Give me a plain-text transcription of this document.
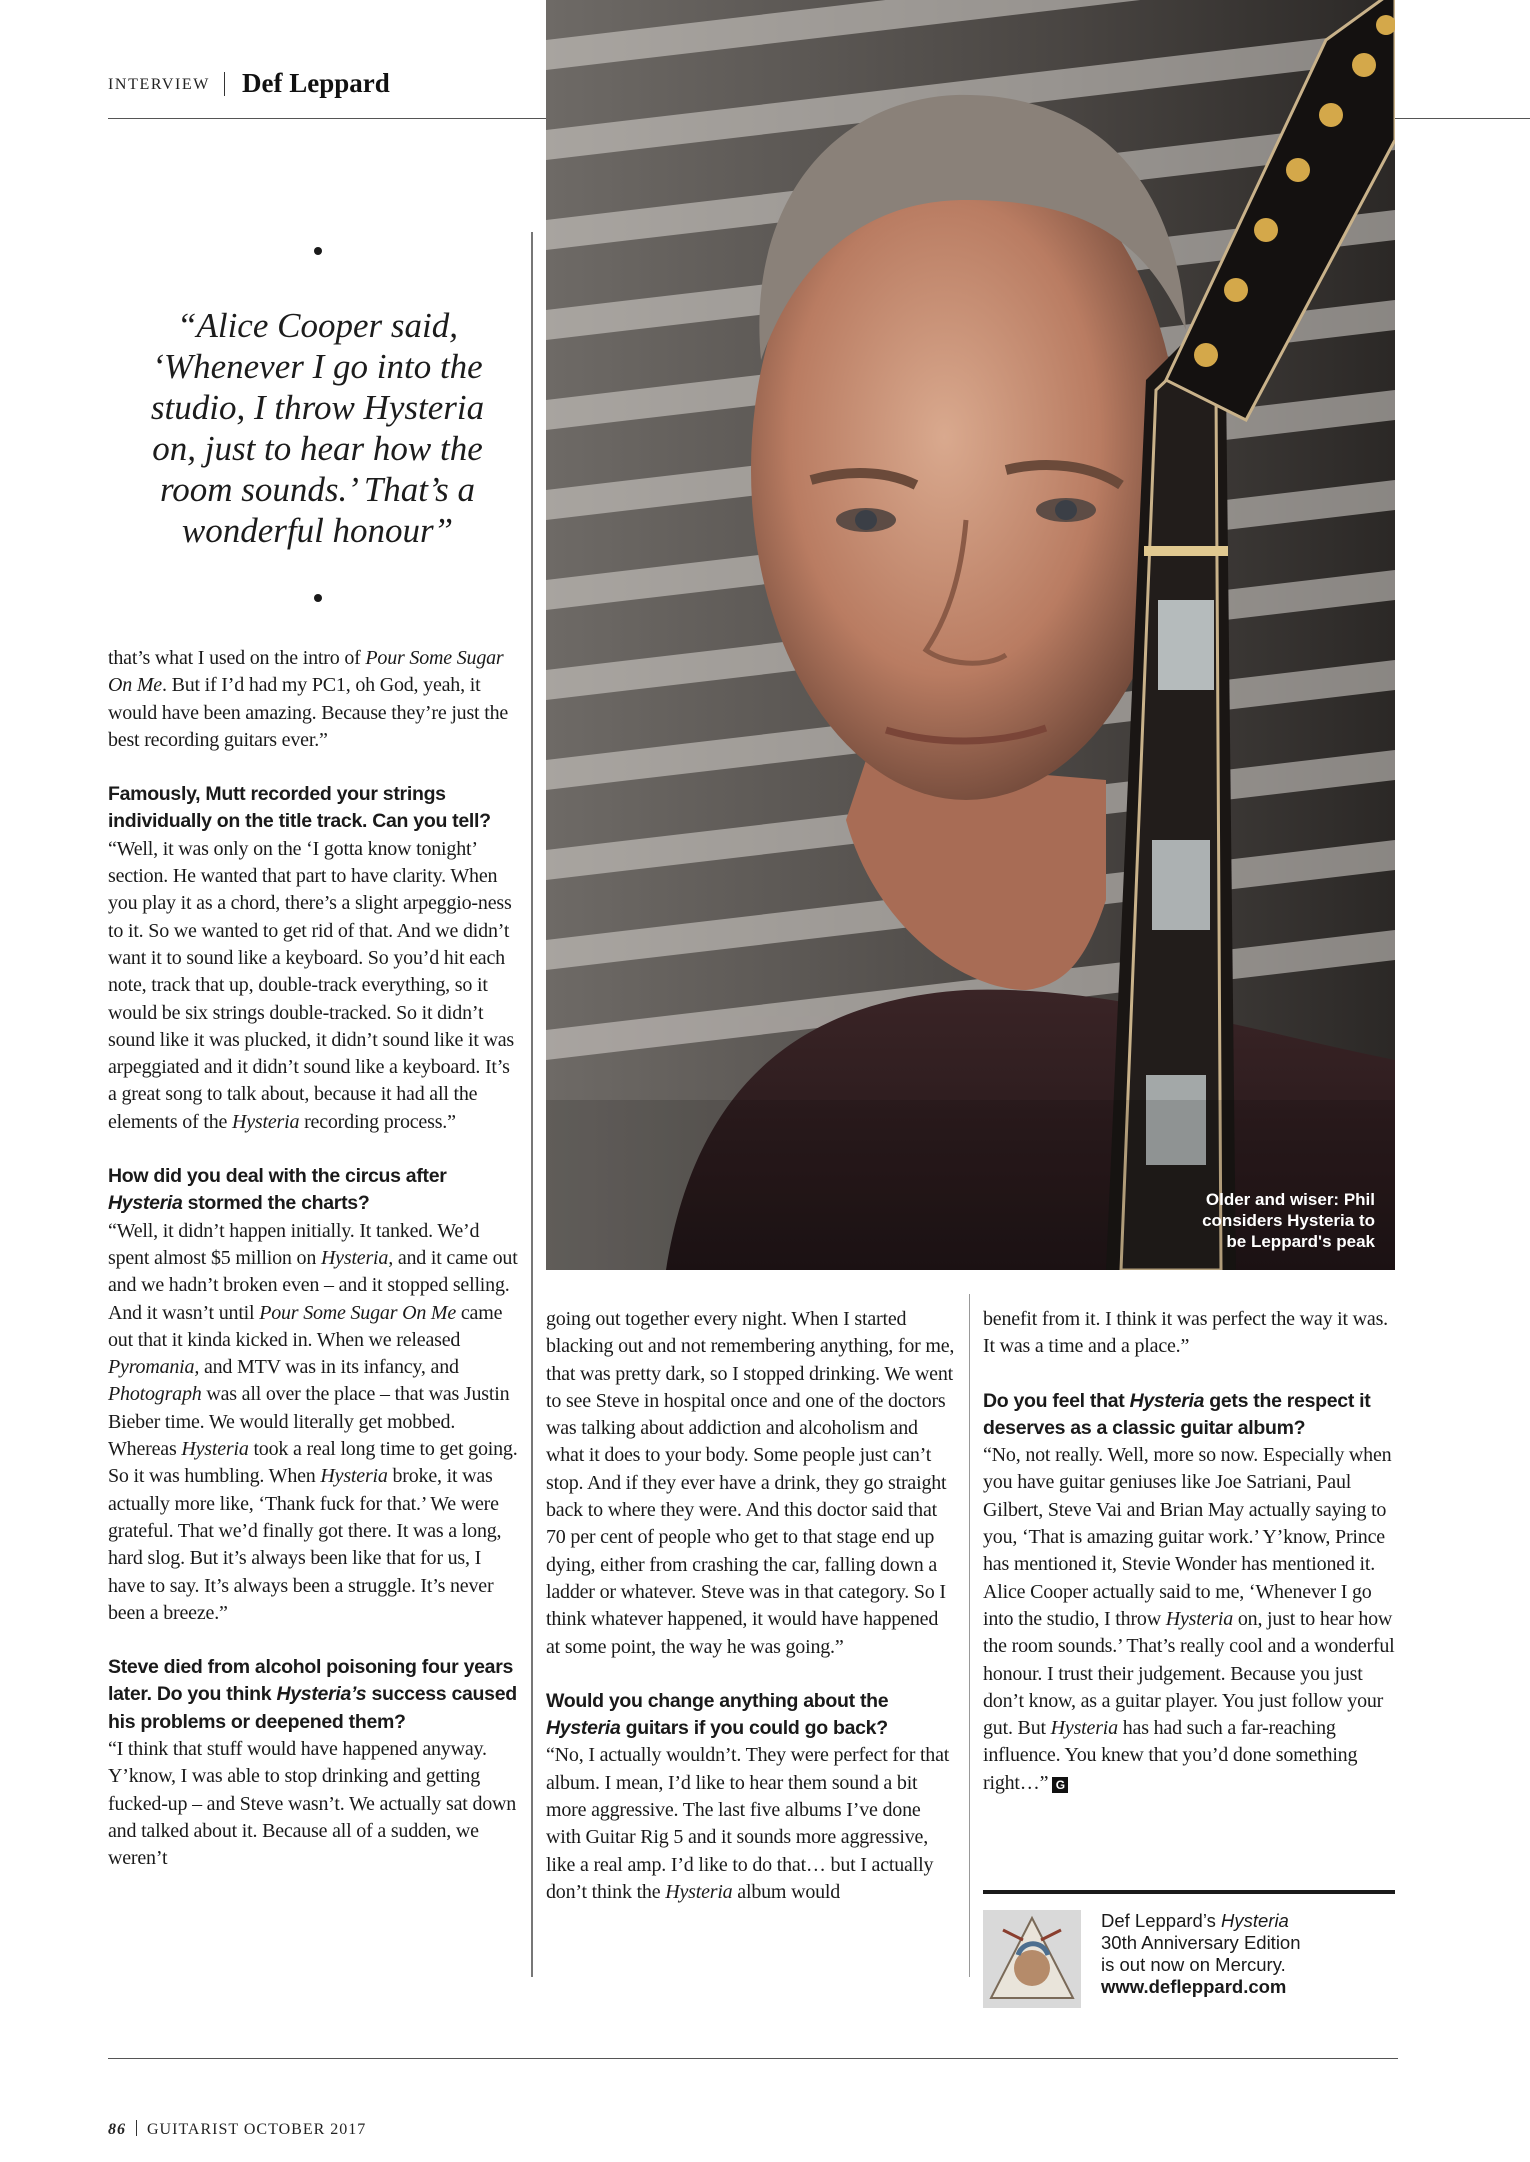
INTERVIEW Def Leppard
Older and wiser: Phil
considers Hysteria to
be Leppard's peak
“Alice Cooper said,
‘Whenever I go into the
studio, I throw Hysteria
on, just to hear how the
room sounds.’ That’s a
wonderful honour”

that’s what I used on the intro of Pour Some Sugar On Me. But if I’d had my PC1, oh God, yeah, it would have been amazing. Because they’re just the best recording guitars ever.”

Famously, Mutt recorded your strings individually on the title track. Can you tell?

“Well, it was only on the ‘I gotta know tonight’ section. He wanted that part to have clarity. When you play it as a chord, there’s a slight arpeggio-ness to it. So we wanted to get rid of that. And we didn’t want it to sound like a keyboard. So you’d hit each note, track that up, double-track everything, so it would be six strings double-tracked. So it didn’t sound like it was plucked, it didn’t sound like it was arpeggiated and it didn’t sound like a keyboard. It’s a great song to talk about, because it had all the elements of the Hysteria recording process.”

How did you deal with the circus after Hysteria stormed the charts?

“Well, it didn’t happen initially. It tanked. We’d spent almost $5 million on Hysteria, and it came out and we hadn’t broken even – and it stopped selling. And it wasn’t until Pour Some Sugar On Me came out that it kinda kicked in. When we released Pyromania, and MTV was in its infancy, and Photograph was all over the place – that was Justin Bieber time. We would literally get mobbed. Whereas Hysteria took a real long time to get going. So it was humbling. When Hysteria broke, it was actually more like, ‘Thank fuck for that.’ We were grateful. That we’d finally got there. It was a long, hard slog. But it’s always been like that for us, I have to say. It’s always been a struggle. It’s never been a breeze.”

Steve died from alcohol poisoning four years later. Do you think Hysteria’s success caused his problems or deepened them?

“I think that stuff would have happened anyway. Y’know, I was able to stop drinking and getting fucked-up – and Steve wasn’t. We actually sat down and talked about it. Because all of a sudden, we weren’t

going out together every night. When I started blacking out and not remembering anything, for me, that was pretty dark, so I stopped drinking. We went to see Steve in hospital once and one of the doctors was talking about addiction and alcoholism and what it does to your body. Some people just can’t stop. And if they ever have a drink, they go straight back to where they were. And this doctor said that 70 per cent of people who get to that stage end up dying, either from crashing the car, falling down a ladder or whatever. Steve was in that category. So I think whatever happened, it would have happened at some point, the way he was going.”

Would you change anything about the Hysteria guitars if you could go back?

“No, I actually wouldn’t. They were perfect for that album. I mean, I’d like to hear them sound a bit more aggressive. The last five albums I’ve done with Guitar Rig 5 and it sounds more aggressive, like a real amp. I’d like to do that… but I actually don’t think the Hysteria album would

benefit from it. I think it was perfect the way it was. It was a time and a place.”

Do you feel that Hysteria gets the respect it deserves as a classic guitar album?

“No, not really. Well, more so now. Especially when you have guitar geniuses like Joe Satriani, Paul Gilbert, Steve Vai and Brian May actually saying to you, ‘That is amazing guitar work.’ Y’know, Prince has mentioned it, Stevie Wonder has mentioned it. Alice Cooper actually said to me, ‘Whenever I go into the studio, I throw Hysteria on, just to hear how the room sounds.’ That’s really cool and a wonderful honour. I trust their judgement. Because you just don’t know, as a guitar player. You just follow your gut. But Hysteria has had such a far-reaching influence. You knew that you’d done something right…” G

Def Leppard’s Hysteria
30th Anniversary Edition
is out now on Mercury.
www.defleppard.com
86 GUITARIST OCTOBER 2017
